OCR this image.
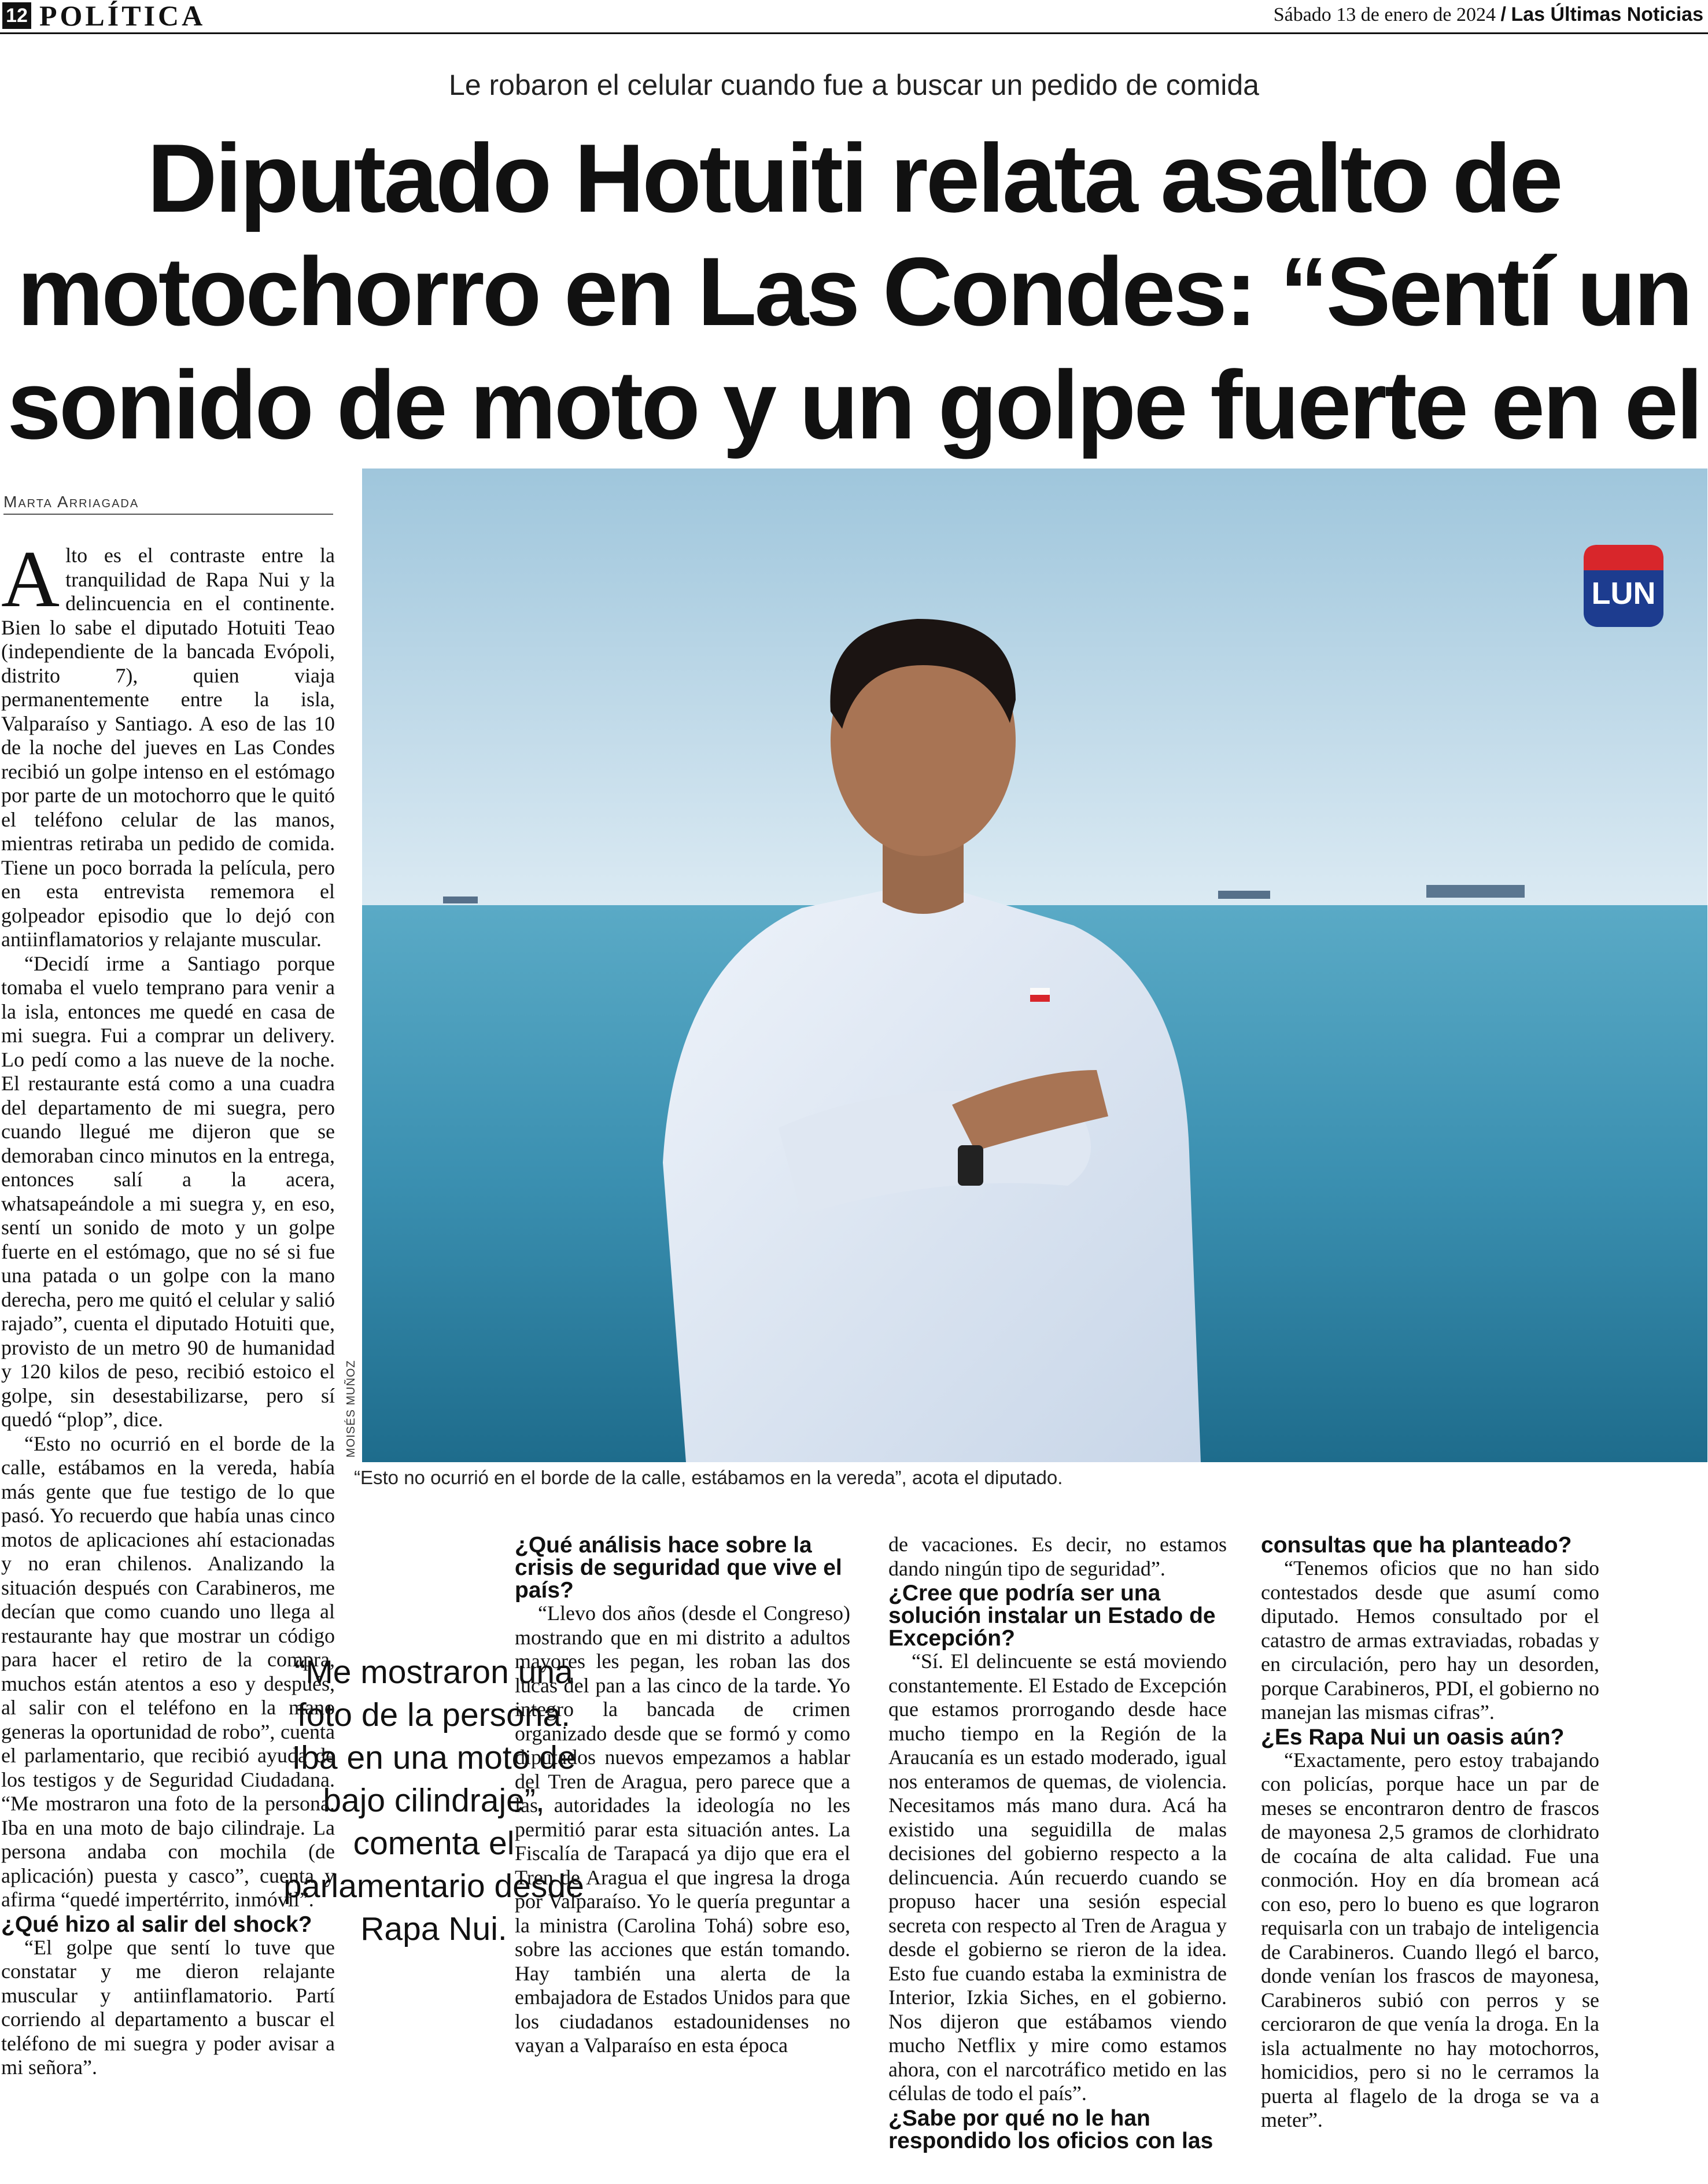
12 POLÍTICA	Sábado 13 de enero de 2024 / Las Últimas Noticias
Le robaron el celular cuando fue a buscar un pedido de comida
Diputado Hotuiti relata asalto de motochorro en Las Condes: “Sentí un sonido de moto y un golpe fuerte en el
Marta Arriagada
LUN
MOISÉS MUÑOZ
“Esto no ocurrió en el borde de la calle, estábamos en la vereda”, acota el diputado.

Alto es el contraste entre la tranquilidad de Rapa Nui y la delincuencia en el continente. Bien lo sabe el diputado Hotuiti Teao (independiente de la bancada Evópoli, distrito 7), quien viaja permanentemente entre la isla, Valparaíso y Santiago. A eso de las 10 de la noche del jueves en Las Condes recibió un golpe intenso en el estómago por parte de un motochorro que le quitó el teléfono celular de las manos, mientras retiraba un pedido de comida. Tiene un poco borrada la película, pero en esta entrevista rememora el golpeador episodio que lo dejó con antiinflamatorios y relajante muscular.

“Decidí irme a Santiago porque tomaba el vuelo temprano para venir a la isla, entonces me quedé en casa de mi suegra. Fui a comprar un delivery. Lo pedí como a las nueve de la noche. El restaurante está como a una cuadra del departamento de mi suegra, pero cuando llegué me dijeron que se demoraban cinco minutos en la entrega, entonces salí a la acera, whatsapeándole a mi suegra y, en eso, sentí un sonido de moto y un golpe fuerte en el estómago, que no sé si fue una patada o un golpe con la mano derecha, pero me quitó el celular y salió rajado”, cuenta el diputado Hotuiti que, provisto de un metro 90 de humanidad y 120 kilos de peso, recibió estoico el golpe, sin desestabilizarse, pero sí quedó “plop”, dice.

“Esto no ocurrió en el borde de la calle, estábamos en la vereda, había más gente que fue testigo de lo que pasó. Yo recuerdo que había unas cinco motos de aplicaciones ahí estacionadas y no eran chilenos. Analizando la situación después con Carabineros, me decían que como cuando uno llega al restaurante hay que mostrar un código para hacer el retiro de la compra, muchos están atentos a eso y después, al salir con el teléfono en la mano generas la oportunidad de robo”, cuenta el parlamentario, que recibió ayuda de los testigos y de Seguridad Ciudadana. “Me mostraron una foto de la persona. Iba en una moto de bajo cilindraje. La persona andaba con mochila (de aplicación) puesta y casco”, cuenta y afirma “quedé impertérrito, inmóvil”.

¿Qué hizo al salir del shock?

“El golpe que sentí lo tuve que constatar y me dieron relajante muscular y antiinflamatorio. Partí corriendo al departamento a buscar el teléfono de mi suegra y poder avisar a mi señora”.

“Me mostraron una foto de la persona. Iba en una moto de bajo cilindraje”, comenta el parlamentario desde Rapa Nui.
¿Qué análisis hace sobre la crisis de seguridad que vive el país?

“Llevo dos años (desde el Congreso) mostrando que en mi distrito a adultos mayores les pegan, les roban las dos lucas del pan a las cinco de la tarde. Yo integro la bancada de crimen organizado desde que se formó y como diputados nuevos empezamos a hablar del Tren de Aragua, pero parece que a las autoridades la ideología no les permitió parar esta situación antes. La Fiscalía de Tarapacá ya dijo que era el Tren de Aragua el que ingresa la droga por Valparaíso. Yo le quería preguntar a la ministra (Carolina Tohá) sobre eso, sobre las acciones que están tomando. Hay también una alerta de la embajadora de Estados Unidos para que los ciudadanos estadounidenses no vayan a Valparaíso en esta época

de vacaciones. Es decir, no estamos dando ningún tipo de seguridad”.

¿Cree que podría ser una solución instalar un Estado de Excepción?

“Sí. El delincuente se está moviendo constantemente. El Estado de Excepción que estamos prorrogando desde hace mucho tiempo en la Región de la Araucanía es un estado moderado, igual nos enteramos de quemas, de violencia. Necesitamos más mano dura. Acá ha existido una seguidilla de malas decisiones del gobierno respecto a la delincuencia. Aún recuerdo cuando se propuso hacer una sesión especial secreta con respecto al Tren de Aragua y desde el gobierno se rieron de la idea. Esto fue cuando estaba la exministra de Interior, Izkia Siches, en el gobierno. Nos dijeron que estábamos viendo mucho Netflix y mire como estamos ahora, con el narcotráfico metido en las células de todo el país”.

¿Sabe por qué no le han respondido los oficios con las
consultas que ha planteado?

“Tenemos oficios que no han sido contestados desde que asumí como diputado. Hemos consultado por el catastro de armas extraviadas, robadas y en circulación, pero hay un desorden, porque Carabineros, PDI, el gobierno no manejan las mismas cifras”.

¿Es Rapa Nui un oasis aún?

“Exactamente, pero estoy trabajando con policías, porque hace un par de meses se encontraron dentro de frascos de mayonesa 2,5 gramos de clorhidrato de cocaína de alta calidad. Fue una conmoción. Hoy en día bromean acá con eso, pero lo bueno es que lograron requisarla con un trabajo de inteligencia de Carabineros. Cuando llegó el barco, donde venían los frascos de mayonesa, Carabineros subió con perros y se cercioraron de que venía la droga. En la isla actualmente no hay motochorros, homicidios, pero si no le cerramos la puerta al flagelo de la droga se va a meter”.
